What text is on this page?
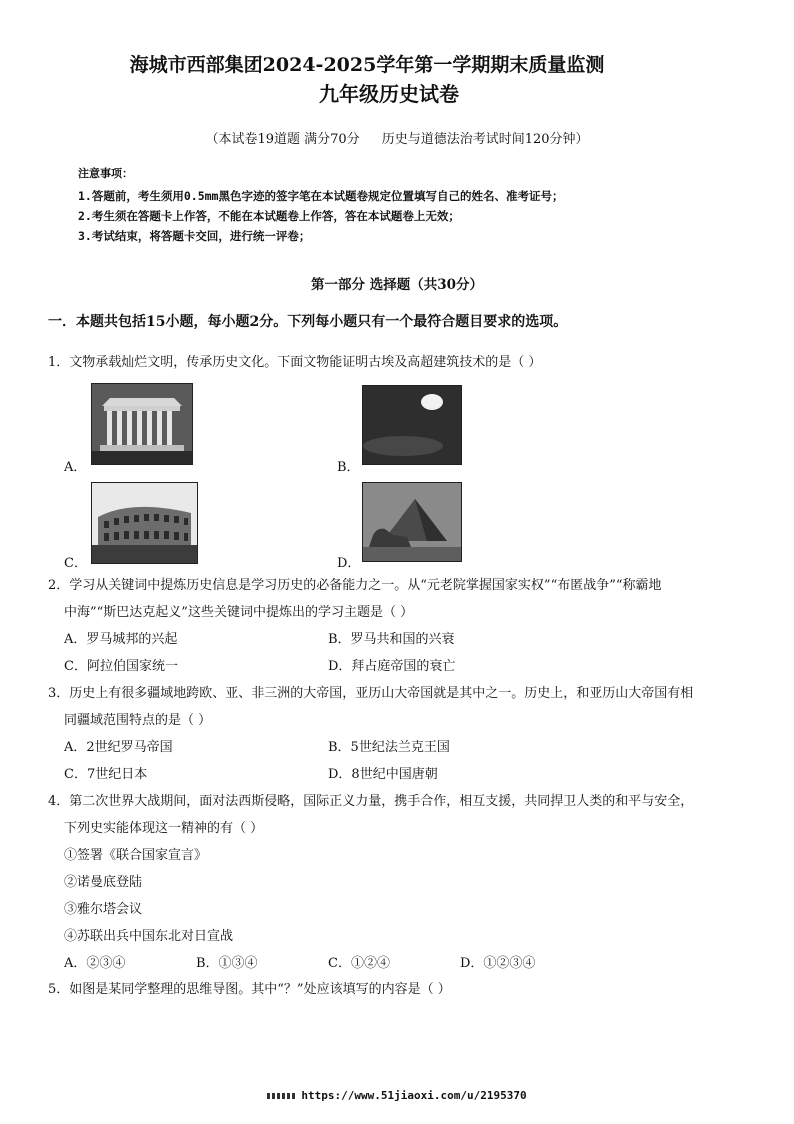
海城市西部集团2024-2025学年第一学期期末质量监测
九年级历史试卷
（本试卷19道题 满分70分 历史与道德法治考试时间120分钟）
注意事项：
1.答题前，考生须用0.5mm黑色字迹的签字笔在本试题卷规定位置填写自己的姓名、准考证号；
2.考生须在答题卡上作答，不能在本试题卷上作答，答在本试题卷上无效；
3.考试结束，将答题卡交回，进行统一评卷；
第一部分 选择题（共30分）
一．本题共包括15小题，每小题2分。下列每小题只有一个最符合题目要求的选项。
1．文物承载灿烂文明，传承历史文化。下面文物能证明古埃及高超建筑技术的是（ ）
A．	B．
C．	D．
2．学习从关键词中提炼历史信息是学习历史的必备能力之一。从“元老院掌握国家实权”“布匿战争”“称霸地
中海”“斯巴达克起义”这些关键词中提炼出的学习主题是（ ）
A．罗马城邦的兴起	B．罗马共和国的兴衰
C．阿拉伯国家统一	D．拜占庭帝国的衰亡
3．历史上有很多疆域地跨欧、亚、非三洲的大帝国，亚历山大帝国就是其中之一。历史上，和亚历山大帝国有相
同疆域范围特点的是（ ）
A．2世纪罗马帝国	B．5世纪法兰克王国
C．7世纪日本	D．8世纪中国唐朝
4．第二次世界大战期间，面对法西斯侵略，国际正义力量，携手合作，相互支援，共同捍卫人类的和平与安全，
下列史实能体现这一精神的有（ ）
①签署《联合国家宣言》
②诺曼底登陆
③雅尔塔会议
④苏联出兵中国东北对日宣战
A．②③④	B．①③④	C．①②④	D．①②③④
5．如图是某同学整理的思维导图。其中“？”处应该填写的内容是（ ）
https://www.51jiaoxi.com/u/2195370
